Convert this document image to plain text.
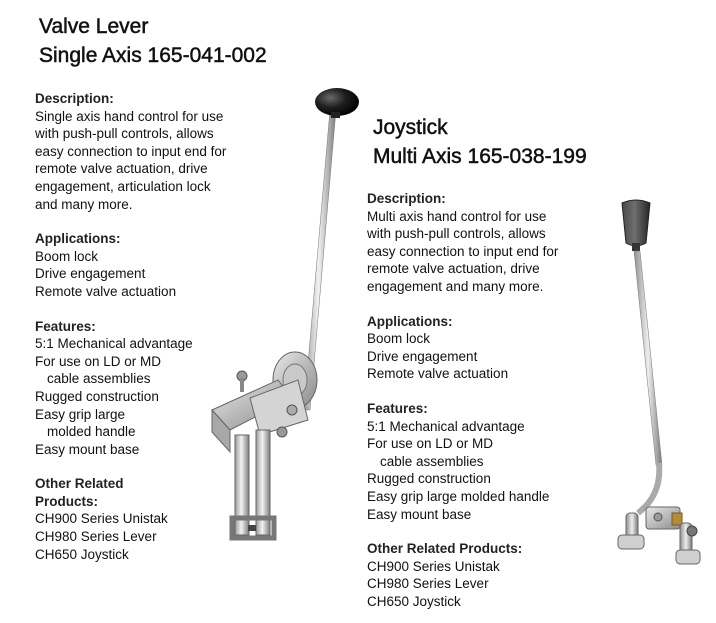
Valve Lever
Single Axis 165-041-002
Description:
Single axis hand control for use
with push-pull controls, allows
easy connection to input end for
remote valve actuation, drive
engagement, articulation lock
and many more.
Applications:
Boom lock
Drive engagement
Remote valve actuation
Features:
5:1 Mechanical advantage
For use on LD or MD
cable assemblies
Rugged construction
Easy grip large
molded handle
Easy mount base
Other Related
Products:
CH900 Series Unistak
CH980 Series Lever
CH650 Joystick
Joystick
Multi Axis 165-038-199
Description:
Multi axis hand control for use
with push-pull controls, allows
easy connection to input end for
remote valve actuation, drive
engagement and many more.
Applications:
Boom lock
Drive engagement
Remote valve actuation
Features:
5:1 Mechanical advantage
For use on LD or MD
cable assemblies
Rugged construction
Easy grip large molded handle
Easy mount base
Other Related Products:
CH900 Series Unistak
CH980 Series Lever
CH650 Joystick
